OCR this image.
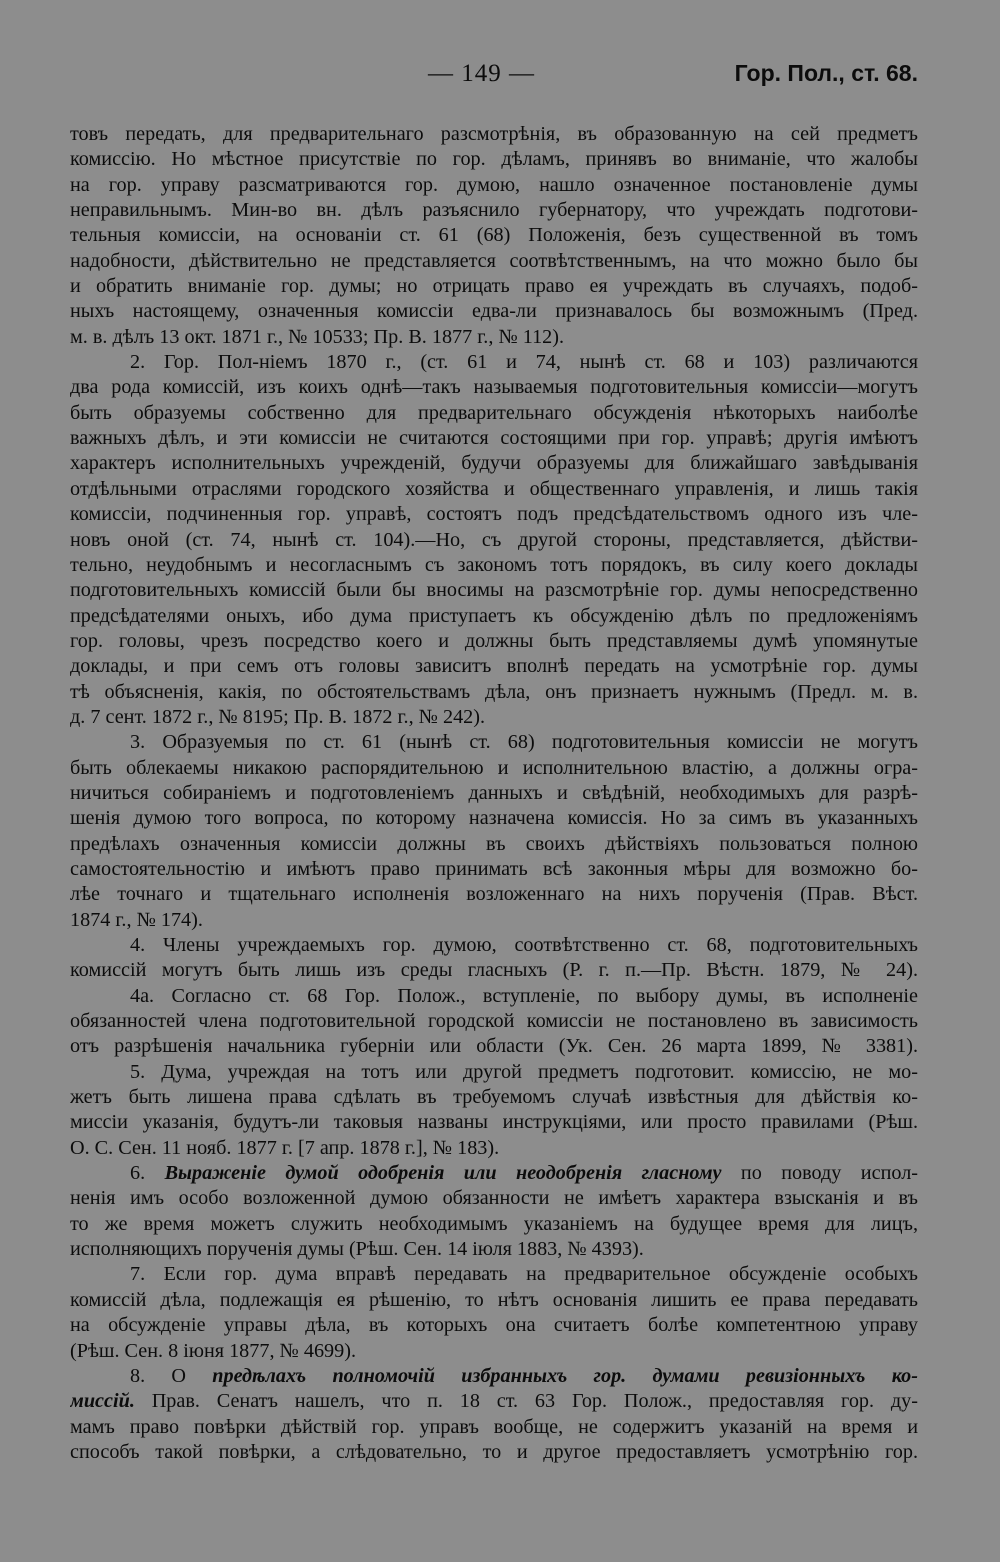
— 149 —	Гор. Пол., ст. 68.
товъ передать, для предварительнаго разсмотрѣнія, въ образованную на сей предметъ
комиссію. Но мѣстное присутствіе по гор. дѣламъ, принявъ во вниманіе, что жалобы
на гор. управу разсматриваются гор. думою, нашло означенное постановленіе думы
неправильнымъ. Мин-во вн. дѣлъ разъяснило губернатору, что учреждать подготови-
тельныя комиссіи, на основаніи ст. 61 (68) Положенія, безъ существенной въ томъ
надобности, дѣйствительно не представляется соотвѣтственнымъ, на что можно было бы
и обратить вниманіе гор. думы; но отрицать право ея учреждать въ случаяхъ, подоб-
ныхъ настоящему, означенныя комиссіи едва-ли признавалось бы возможнымъ (Пред.
м. в. дѣлъ 13 окт. 1871 г., № 10533; Пр. В. 1877 г., № 112).
2. Гор. Пол-ніемъ 1870 г., (ст. 61 и 74, нынѣ ст. 68 и 103) различаются
два рода комиссій, изъ коихъ однѣ—такъ называемыя подготовительныя комиссіи—могутъ
быть образуемы собственно для предварительнаго обсужденія нѣкоторыхъ наиболѣе
важныхъ дѣлъ, и эти комиссіи не считаются состоящими при гор. управѣ; другія имѣютъ
характеръ исполнительныхъ учрежденій, будучи образуемы для ближайшаго завѣдыванія
отдѣльными отраслями городского хозяйства и общественнаго управленія, и лишь такія
комиссіи, подчиненныя гор. управѣ, состоятъ подъ предсѣдательствомъ одного изъ чле-
новъ оной (ст. 74, нынѣ ст. 104).—Но, съ другой стороны, представляется, дѣйстви-
тельно, неудобнымъ и несогласнымъ съ закономъ тотъ порядокъ, въ силу коего доклады
подготовительныхъ комиссій были бы вносимы на разсмотрѣніе гор. думы непосредственно
предсѣдателями оныхъ, ибо дума приступаетъ къ обсужденію дѣлъ по предложеніямъ
гор. головы, чрезъ посредство коего и должны быть представляемы думѣ упомянутые
доклады, и при семъ отъ головы зависитъ вполнѣ передать на усмотрѣніе гор. думы
тѣ объясненія, какія, по обстоятельствамъ дѣла, онъ признаетъ нужнымъ (Предл. м. в.
д. 7 сент. 1872 г., № 8195; Пр. В. 1872 г., № 242).
3. Образуемыя по ст. 61 (нынѣ ст. 68) подготовительныя комиссіи не могутъ
быть облекаемы никакою распорядительною и исполнительною властію, а должны огра-
ничиться собираніемъ и подготовленіемъ данныхъ и свѣдѣній, необходимыхъ для разрѣ-
шенія думою того вопроса, по которому назначена комиссія. Но за симъ въ указанныхъ
предѣлахъ означенныя комиссіи должны въ своихъ дѣйствіяхъ пользоваться полною
самостоятельностію и имѣютъ право принимать всѣ законныя мѣры для возможно бо-
лѣе точнаго и тщательнаго исполненія возложеннаго на нихъ порученія (Прав. Вѣст.
1874 г., № 174).
4. Члены учреждаемыхъ гор. думою, соотвѣтственно ст. 68, подготовительныхъ
комиссій могутъ быть лишь изъ среды гласныхъ (Р. г. п.—Пр. Вѣстн. 1879, № 24).
4а. Согласно ст. 68 Гор. Полож., вступленіе, по выбору думы, въ исполненіе
обязанностей члена подготовительной городской комиссіи не постановлено въ зависимость
отъ разрѣшенія начальника губерніи или области (Ук. Сен. 26 марта 1899, № 3381).
5. Дума, учреждая на тотъ или другой предметъ подготовит. комиссію, не мо-
жетъ быть лишена права сдѣлать въ требуемомъ случаѣ извѣстныя для дѣйствія ко-
миссіи указанія, будутъ-ли таковыя названы инструкціями, или просто правилами (Рѣш.
О. С. Сен. 11 нояб. 1877 г. [7 апр. 1878 г.], № 183).
6. Выраженіе думой одобренія или неодобренія гласному по поводу испол-
ненія имъ особо возложенной думою обязанности не имѣетъ характера взысканія и въ
то же время можетъ служить необходимымъ указаніемъ на будущее время для лицъ,
исполняющихъ порученія думы (Рѣш. Сен. 14 іюля 1883, № 4393).
7. Если гор. дума вправѣ передавать на предварительное обсужденіе особыхъ
комиссій дѣла, подлежащія ея рѣшенію, то нѣтъ основанія лишить ее права передавать
на обсужденіе управы дѣла, въ которыхъ она считаетъ болѣе компетентною управу
(Рѣш. Сен. 8 іюня 1877, № 4699).
8. О предѣлахъ полномочій избранныхъ гор. думами ревизіонныхъ ко-
миссій. Прав. Сенатъ нашелъ, что п. 18 ст. 63 Гор. Полож., предоставляя гор. ду-
мамъ право повѣрки дѣйствій гор. управъ вообще, не содержитъ указаній на время и
способъ такой повѣрки, а слѣдовательно, то и другое предоставляетъ усмотрѣнію гор.
